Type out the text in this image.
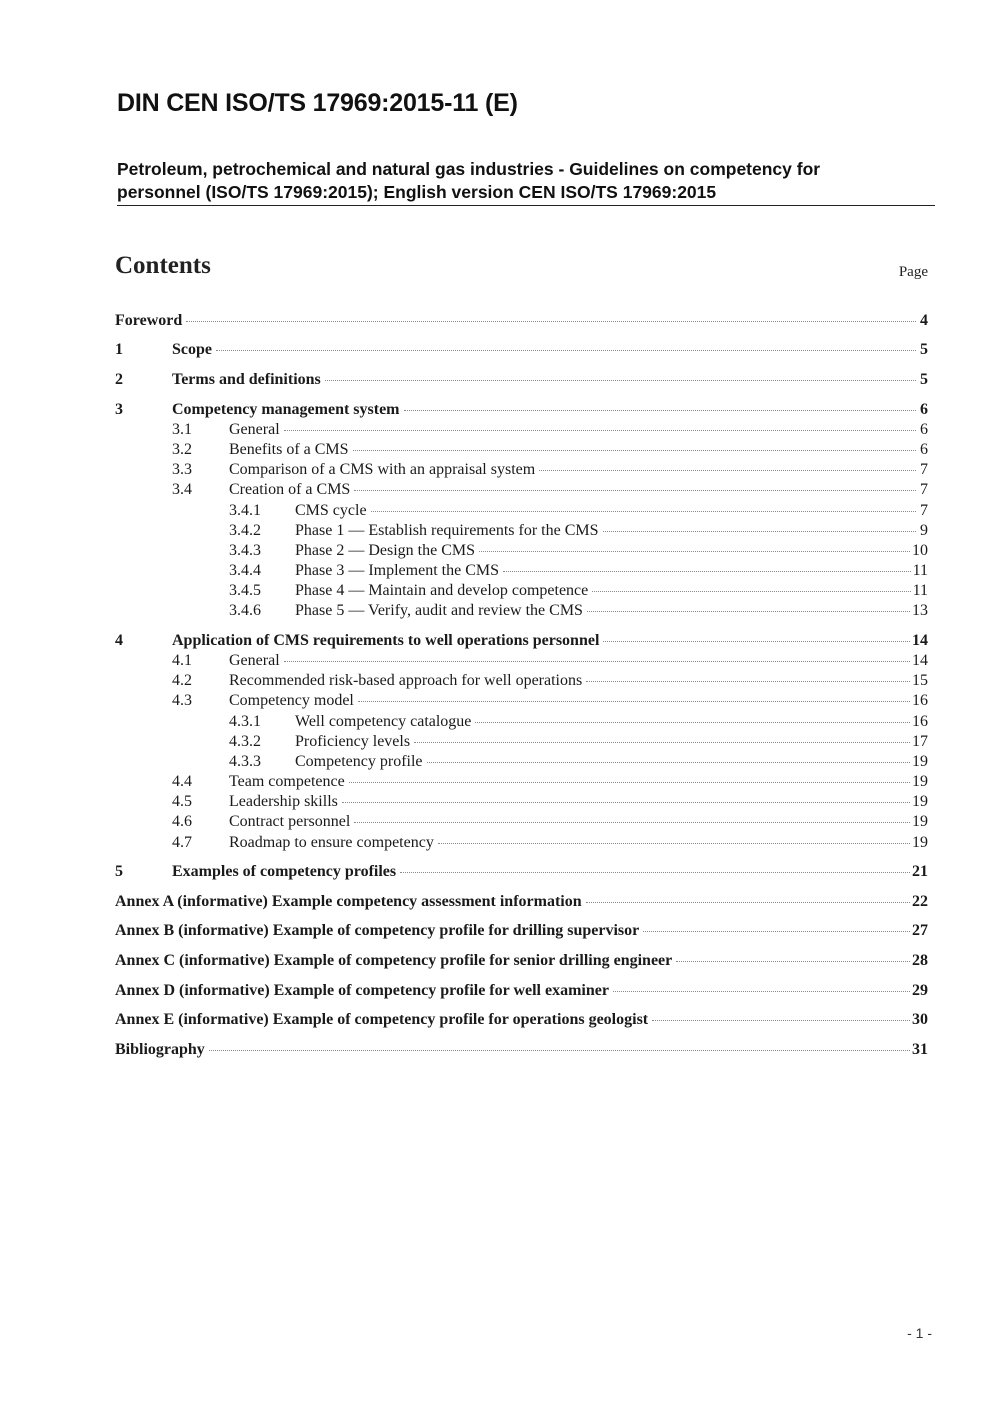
DIN CEN ISO/TS 17969:2015-11 (E)

Petroleum, petrochemical and natural gas industries - Guidelines on competency for
personnel (ISO/TS 17969:2015); English version CEN ISO/TS 17969:2015

Contents	Page
Foreword	4
1	Scope	5
2	Terms and definitions	5
3	Competency management system	6
3.1 General	6
3.2 Benefits of a CMS	6
3.3 Comparison of a CMS with an appraisal system	7
3.4 Creation of a CMS	7
3.4.1 CMS cycle	7
3.4.2 Phase 1 — Establish requirements for the CMS	9
3.4.3 Phase 2 — Design the CMS	10
3.4.4 Phase 3 — Implement the CMS	11
3.4.5 Phase 4 — Maintain and develop competence	11
3.4.6 Phase 5 — Verify, audit and review the CMS	13
4	Application of CMS requirements to well operations personnel	14
4.1 General	14
4.2 Recommended risk-based approach for well operations	15
4.3 Competency model	16
4.3.1 Well competency catalogue	16
4.3.2 Proficiency levels	17
4.3.3 Competency profile	19
4.4 Team competence	19
4.5 Leadership skills	19
4.6 Contract personnel	19
4.7 Roadmap to ensure competency	19
5	Examples of competency profiles	21
Annex A (informative) Example competency assessment information	22
Annex B (informative) Example of competency profile for drilling supervisor	27
Annex C (informative) Example of competency profile for senior drilling engineer	28
Annex D (informative) Example of competency profile for well examiner	29
Annex E (informative) Example of competency profile for operations geologist	30
Bibliography	31
- 1 -
